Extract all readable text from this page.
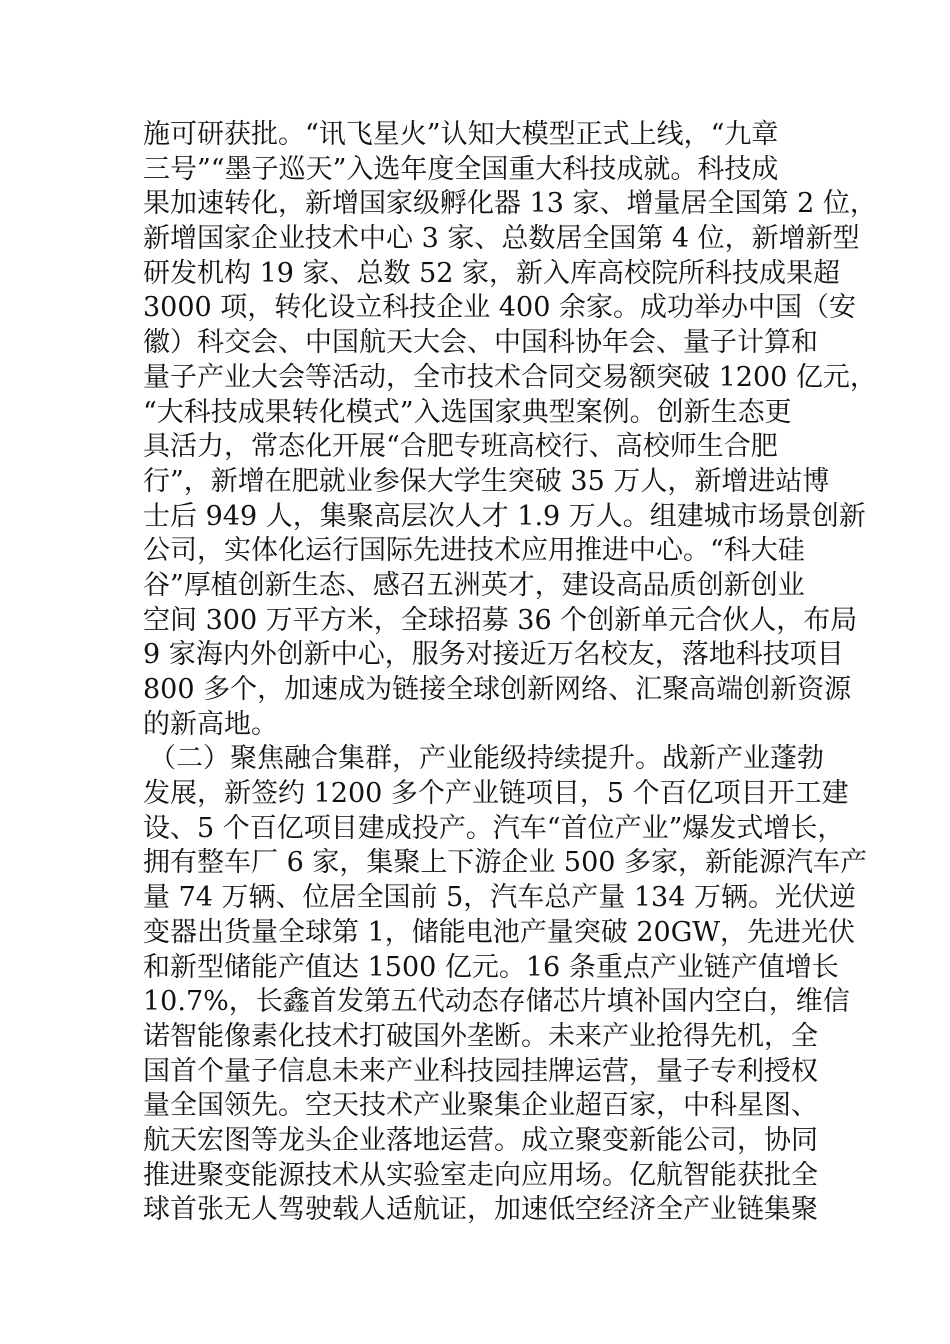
施可研获批。“讯飞星火”认知大模型正式上线，“九章
三号”“墨子巡天”入选年度全国重大科技成就。科技成
果加速转化，新增国家级孵化器 13 家、增量居全国第 2 位，
新增国家企业技术中心 3 家、总数居全国第 4 位，新增新型
研发机构 19 家、总数 52 家，新入库高校院所科技成果超
3000 项，转化设立科技企业 400 余家。成功举办中国（安
徽）科交会、中国航天大会、中国科协年会、量子计算和
量子产业大会等活动，全市技术合同交易额突破 1200 亿元，
“大科技成果转化模式”入选国家典型案例。创新生态更
具活力，常态化开展“合肥专班高校行、高校师生合肥
行”，新增在肥就业参保大学生突破 35 万人，新增进站博
士后 949 人，集聚高层次人才 1.9 万人。组建城市场景创新
公司，实体化运行国际先进技术应用推进中心。“科大硅
谷”厚植创新生态、感召五洲英才，建设高品质创新创业
空间 300 万平方米，全球招募 36 个创新单元合伙人，布局
9 家海内外创新中心，服务对接近万名校友，落地科技项目
800 多个，加速成为链接全球创新网络、汇聚高端创新资源
的新高地。
（二）聚焦融合集群，产业能级持续提升。战新产业蓬勃
发展，新签约 1200 多个产业链项目，5 个百亿项目开工建
设、5 个百亿项目建成投产。汽车“首位产业”爆发式增长，
拥有整车厂 6 家，集聚上下游企业 500 多家，新能源汽车产
量 74 万辆、位居全国前 5，汽车总产量 134 万辆。光伏逆
变器出货量全球第 1，储能电池产量突破 20GW，先进光伏
和新型储能产值达 1500 亿元。16 条重点产业链产值增长
10.7%，长鑫首发第五代动态存储芯片填补国内空白，维信
诺智能像素化技术打破国外垄断。未来产业抢得先机，全
国首个量子信息未来产业科技园挂牌运营，量子专利授权
量全国领先。空天技术产业聚集企业超百家，中科星图、
航天宏图等龙头企业落地运营。成立聚变新能公司，协同
推进聚变能源技术从实验室走向应用场。亿航智能获批全
球首张无人驾驶载人适航证，加速低空经济全产业链集聚
